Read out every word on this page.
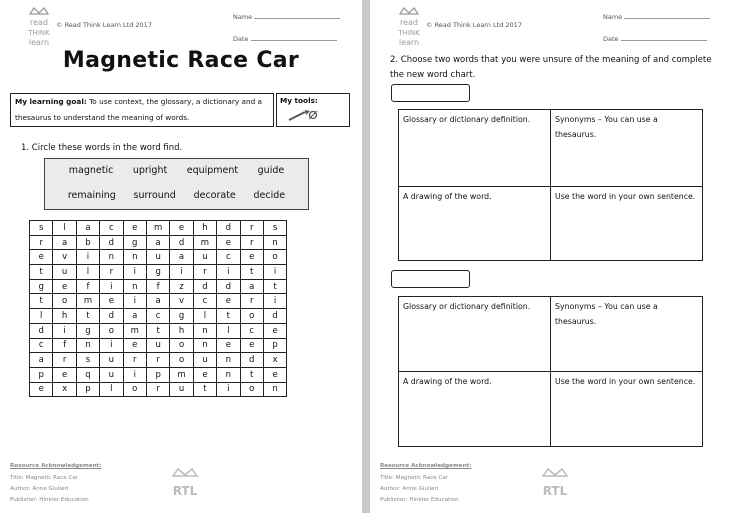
read
THINK
learn
© Read Think Learn Ltd 2017
Name
Date
Magnetic Race Car
My learning goal: To use context, the glossary, a dictionary and a thesaurus to understand the meaning of words.
My tools:
1. Circle these words in the word find.
magnetic upright equipment guide
remaining surround decorate decide
s	l	a	c	e	m	e	h	d	r	s
r	a	b	d	g	a	d	m	e	r	n
e	v	i	n	n	u	a	u	c	e	o
t	u	l	r	i	g	i	r	i	t	i
g	e	f	i	n	f	z	d	d	a	t
t	o	m	e	i	a	v	c	e	r	i
l	h	t	d	a	c	g	l	t	o	d
d	i	g	o	m	t	h	n	l	c	e
c	f	n	i	e	u	o	n	e	e	p
a	r	s	u	r	r	o	u	n	d	x
p	e	q	u	i	p	m	e	n	t	e
e	x	p	l	o	r	u	t	i	o	n
Resource Acknowledgement:
Title: Magnetic Race Car
Author: Anne Giulieri
Publisher: Hinkler Education
RTL
read
THINK
learn
© Read Think Learn Ltd 2017
Name
Date
2. Choose two words that you were unsure of the meaning of and complete the new word chart.
Glossary or dictionary definition.	Synonyms – You can use a thesaurus.
A drawing of the word.	Use the word in your own sentence.
Glossary or dictionary definition.	Synonyms – You can use a thesaurus.
A drawing of the word.	Use the word in your own sentence.
Resource Acknowledgement:
Title: Magnetic Race Car
Author: Anne Giulieri
Publisher: Hinkler Education
RTL
